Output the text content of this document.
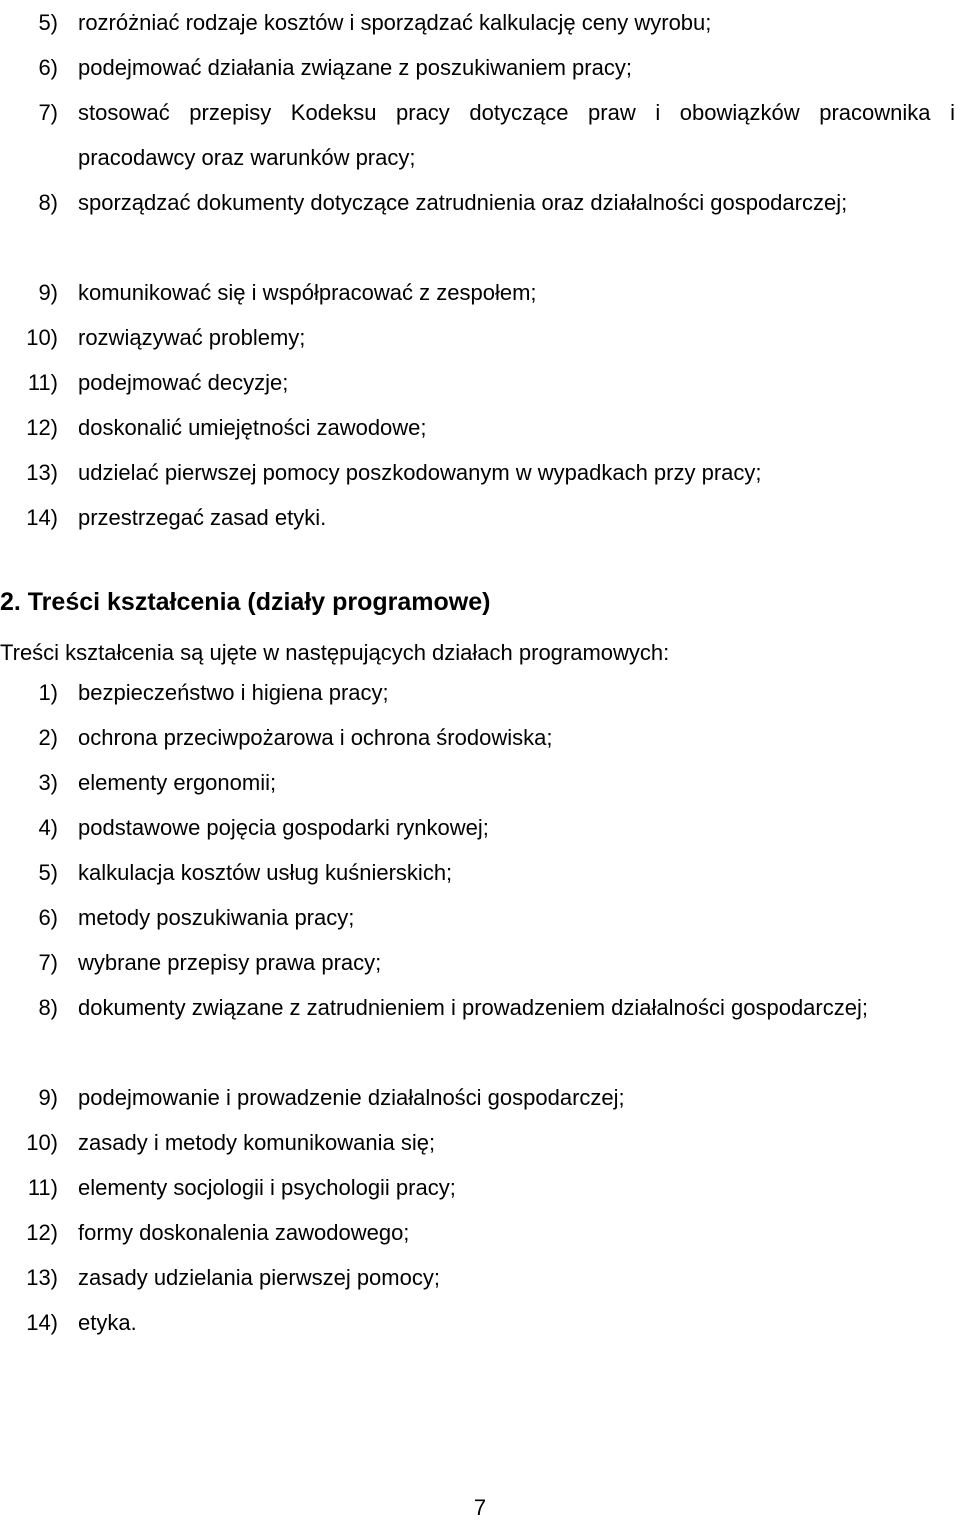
5) rozróżniać rodzaje kosztów i sporządzać kalkulację ceny wyrobu;
6) podejmować działania związane z poszukiwaniem pracy;
7) stosować przepisy Kodeksu pracy dotyczące praw i obowiązków pracownika i pracodawcy oraz warunków pracy;
8) sporządzać dokumenty dotyczące zatrudnienia oraz działalności gospodarczej;
9) komunikować się i współpracować z zespołem;
10) rozwiązywać problemy;
11) podejmować decyzje;
12) doskonalić umiejętności zawodowe;
13) udzielać pierwszej pomocy poszkodowanym w wypadkach przy pracy;
14) przestrzegać zasad etyki.
2. Treści kształcenia (działy programowe)
Treści kształcenia są ujęte w następujących działach programowych:
1) bezpieczeństwo i higiena pracy;
2) ochrona przeciwpożarowa i ochrona środowiska;
3) elementy ergonomii;
4) podstawowe pojęcia gospodarki rynkowej;
5) kalkulacja kosztów usług kuśnierskich;
6) metody poszukiwania pracy;
7) wybrane przepisy prawa pracy;
8) dokumenty związane z zatrudnieniem i prowadzeniem działalności gospodarczej;
9) podejmowanie i prowadzenie działalności gospodarczej;
10) zasady i metody komunikowania się;
11) elementy socjologii i psychologii pracy;
12) formy doskonalenia zawodowego;
13) zasady udzielania pierwszej pomocy;
14) etyka.
7
